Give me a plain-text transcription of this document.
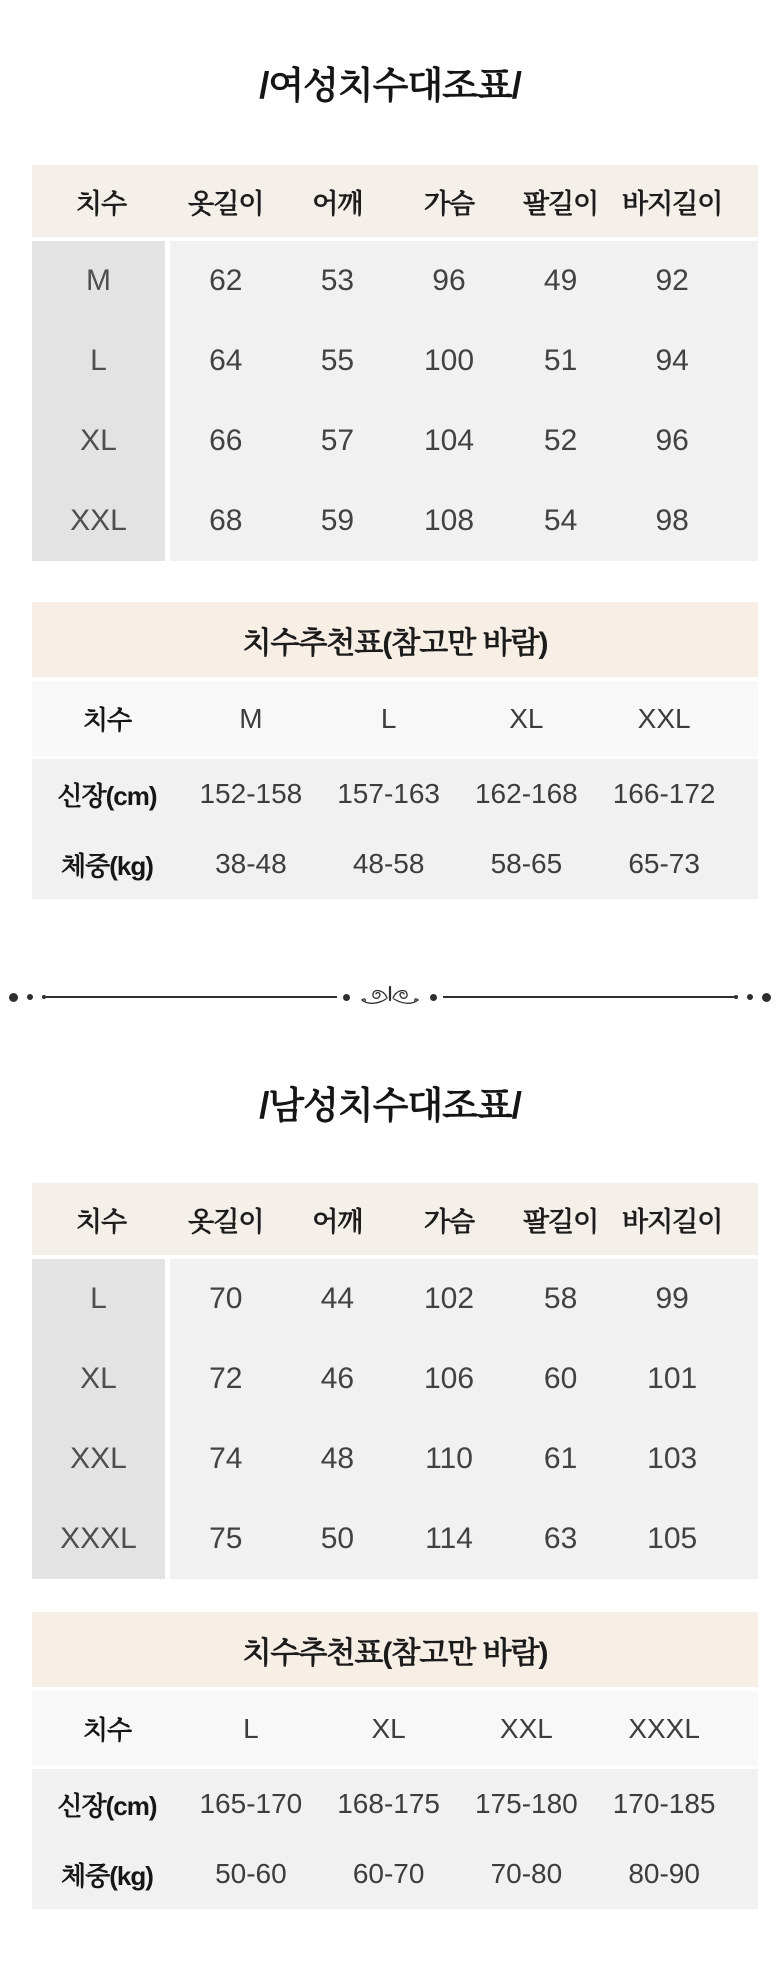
/여성치수대조표/
치수	옷길이	어깨	가슴	팔길이 바지길이
M	62	53	96	49	92
L	64	55	100	51	94
XL	66	57	104	52	96
XXL	68	59	108	54	98
치수추천표(참고만 바람)
치수	M	L	XL	XXL
신장(cm)	152-158	157-163	162-168	166-172
체중(kg)	38-48	48-58	58-65	65-73
/남성치수대조표/
치수	옷길이	어깨	가슴	팔길이 바지길이
L	70	44	102	58	99
XL	72	46	106	60	101
XXL	74	48	110	61	103
XXXL	75	50	114	63	105
치수추천표(참고만 바람)
치수	L	XL	XXL	XXXL
신장(cm)	165-170	168-175	175-180	170-185
체중(kg)	50-60	60-70	70-80	80-90
